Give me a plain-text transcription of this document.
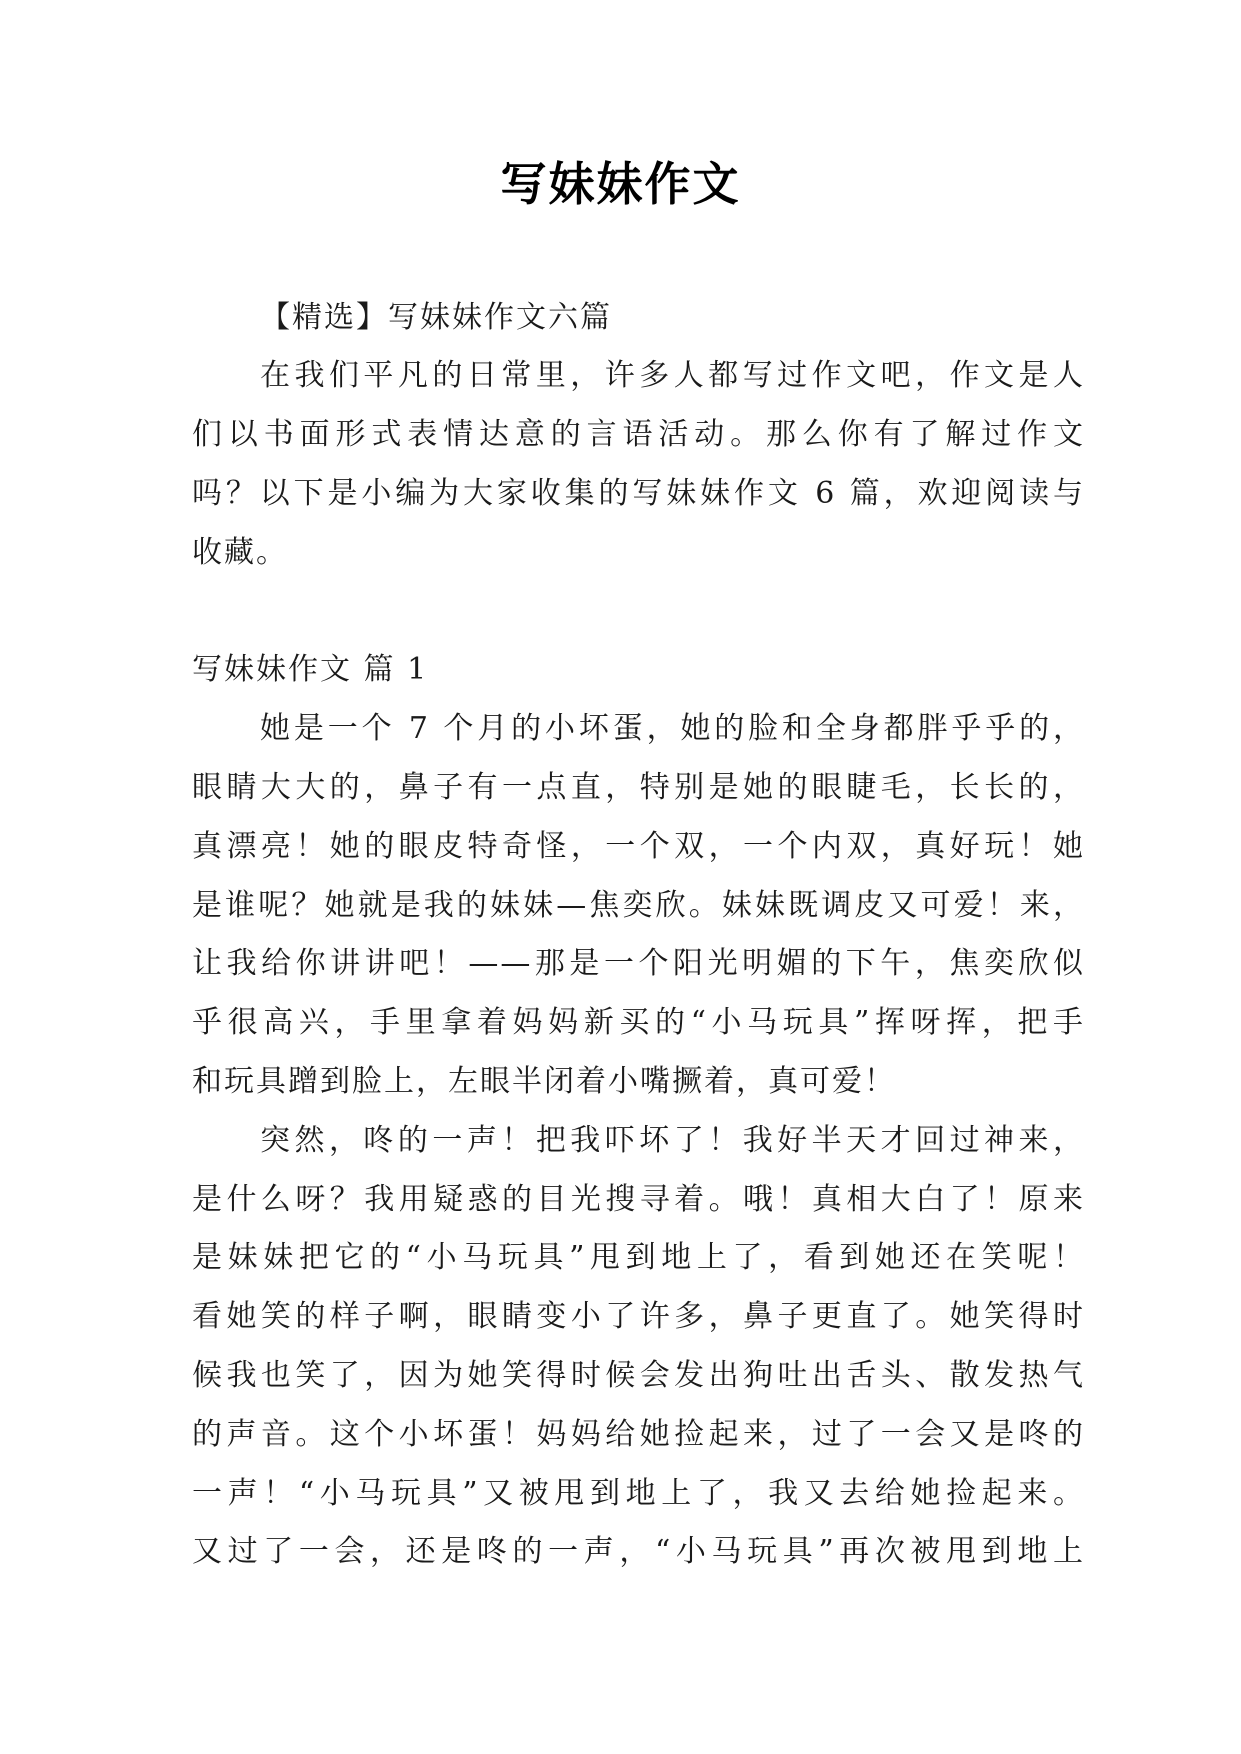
写妹妹作文
【精选】写妹妹作文六篇
在我们平凡的日常里，许多人都写过作文吧，作文是人
们以书面形式表情达意的言语活动。那么你有了解过作文
吗？以下是小编为大家收集的写妹妹作文 6 篇，欢迎阅读与
收藏。
写妹妹作文 篇 1
她是一个 7 个月的小坏蛋，她的脸和全身都胖乎乎的，
眼睛大大的，鼻子有一点直，特别是她的眼睫毛，长长的，
真漂亮！她的眼皮特奇怪，一个双，一个内双，真好玩！她
是谁呢？她就是我的妹妹—焦奕欣。妹妹既调皮又可爱！来，
让我给你讲讲吧！——那是一个阳光明媚的下午，焦奕欣似
乎很高兴，手里拿着妈妈新买的“小马玩具”挥呀挥，把手
和玩具蹭到脸上，左眼半闭着小嘴撅着，真可爱！
突然，咚的一声！把我吓坏了！我好半天才回过神来，
是什么呀？我用疑惑的目光搜寻着。哦！真相大白了！原来
是妹妹把它的“小马玩具”甩到地上了，看到她还在笑呢！
看她笑的样子啊，眼睛变小了许多，鼻子更直了。她笑得时
候我也笑了，因为她笑得时候会发出狗吐出舌头、散发热气
的声音。这个小坏蛋！妈妈给她捡起来，过了一会又是咚的
一声！“小马玩具”又被甩到地上了，我又去给她捡起来。
又过了一会，还是咚的一声，“小马玩具”再次被甩到地上
